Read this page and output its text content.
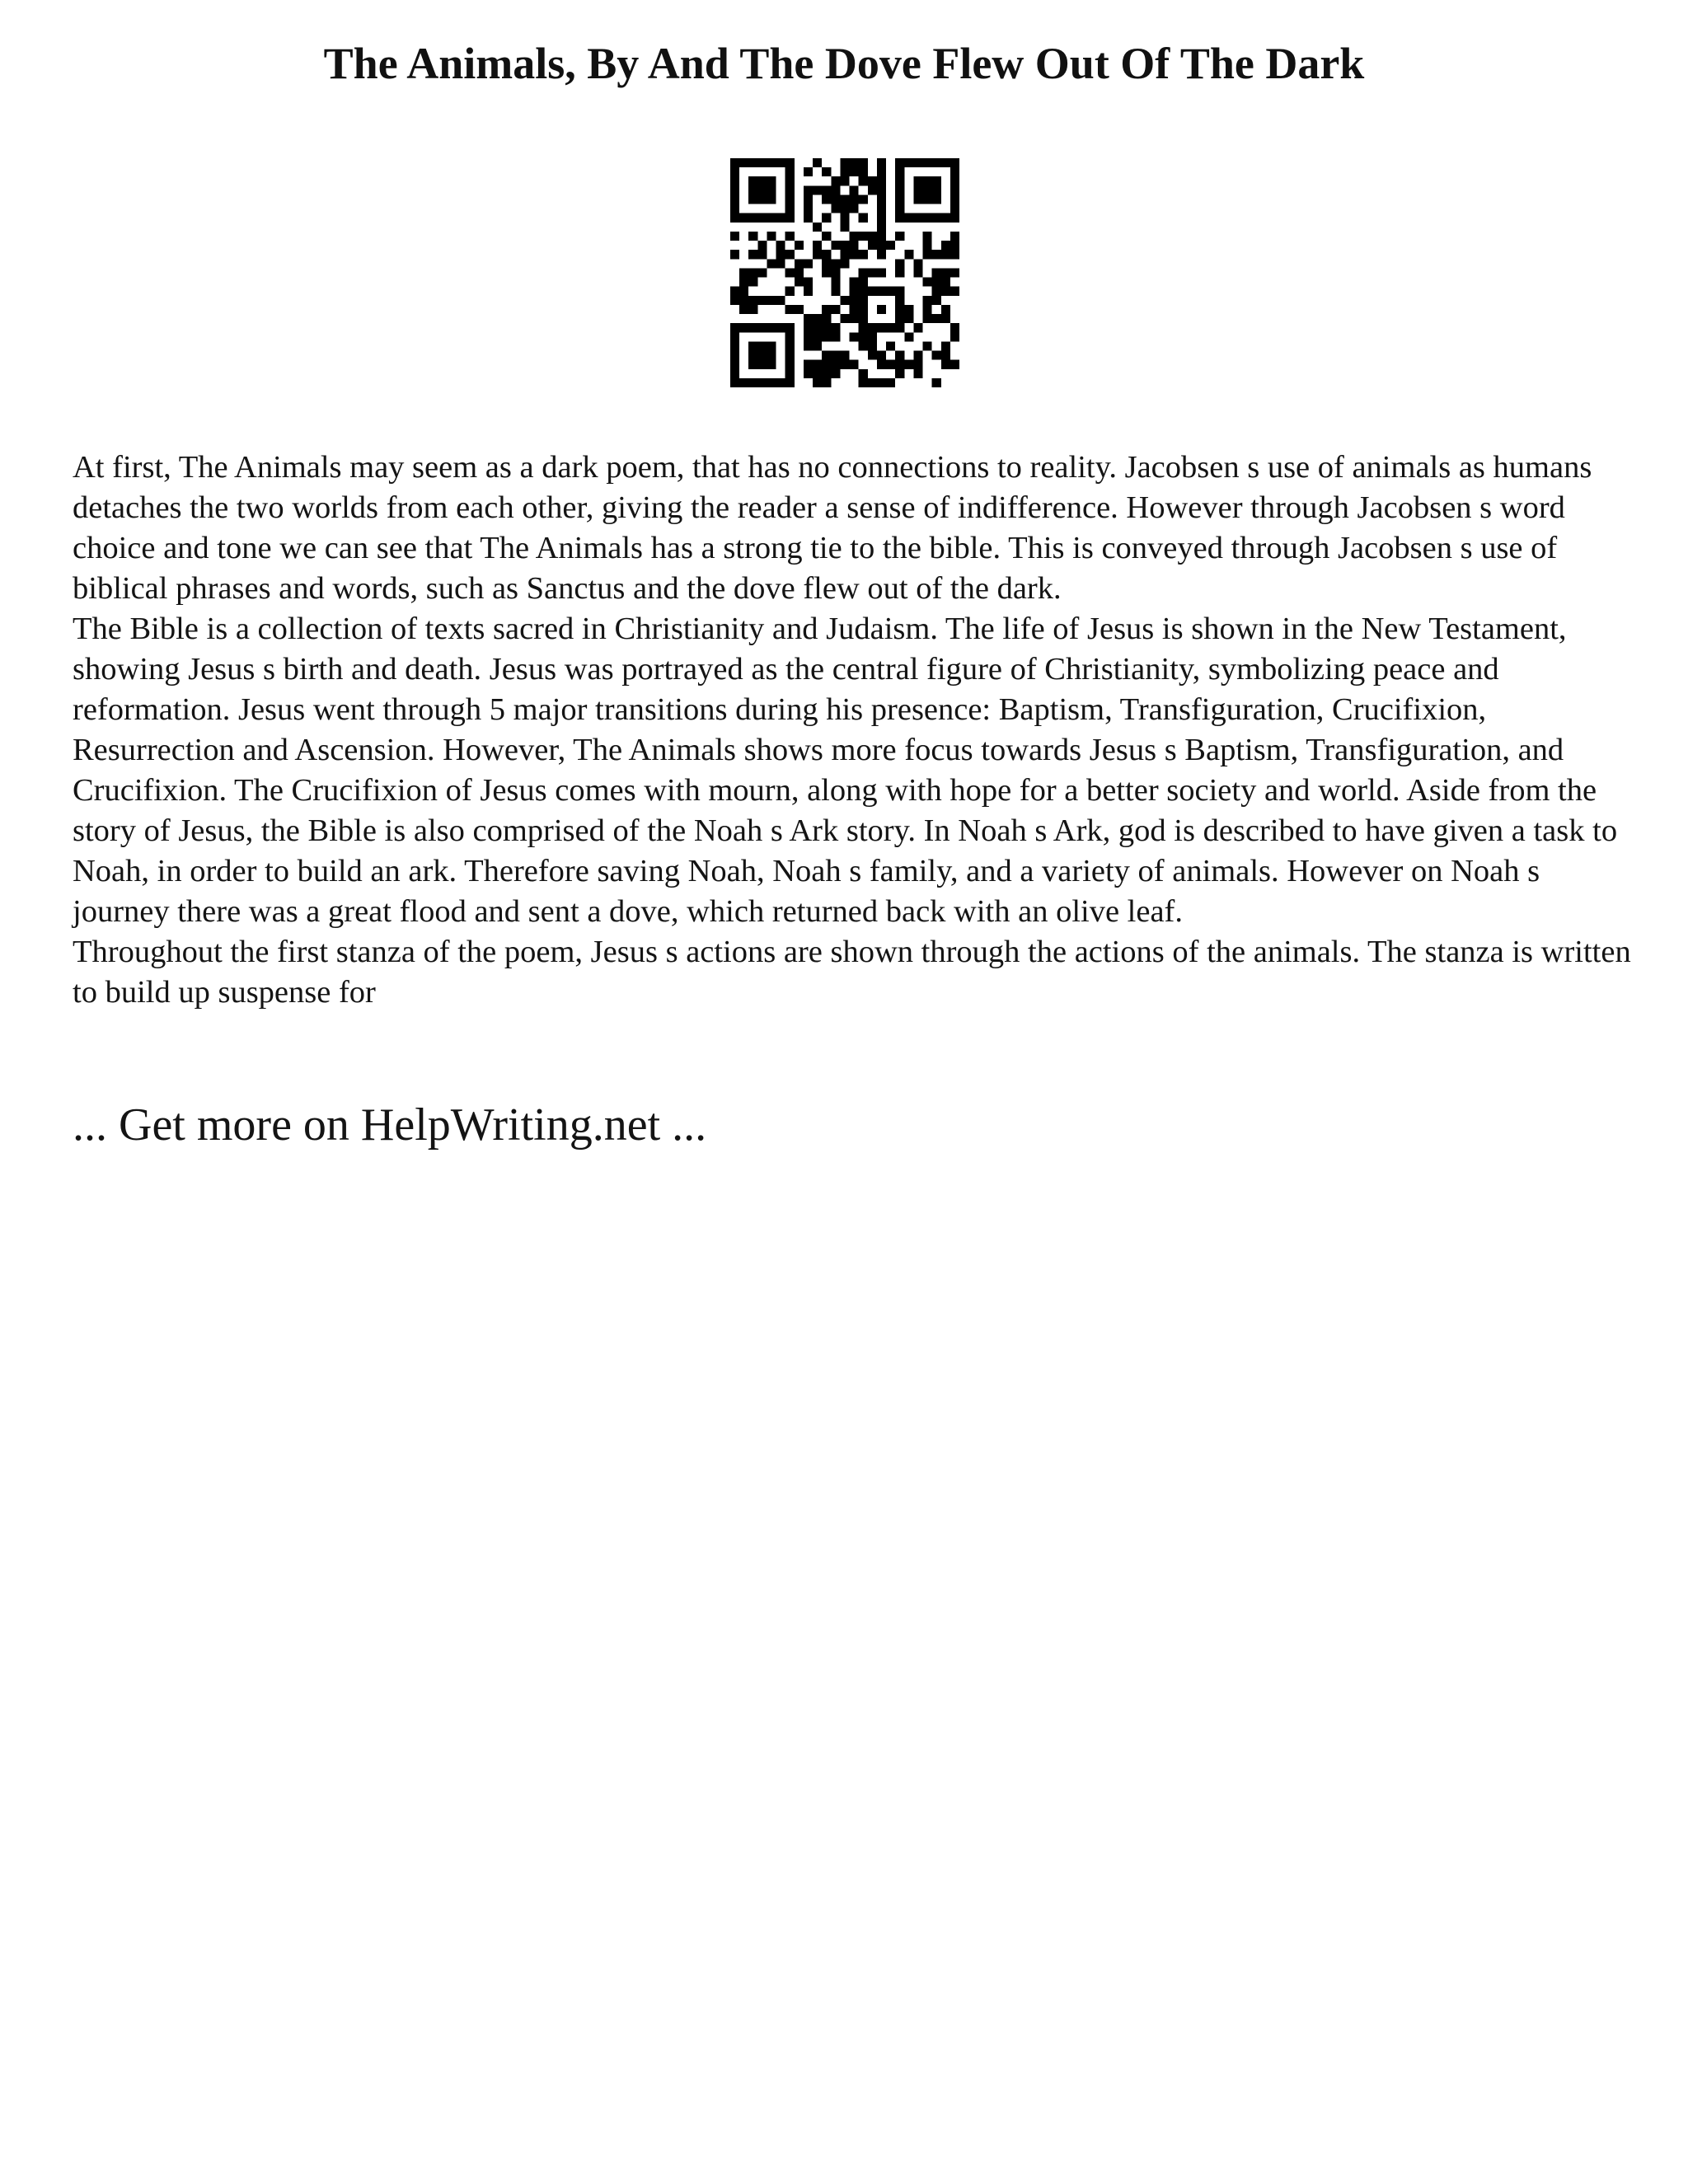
The Animals, By And The Dove Flew Out Of The Dark

At first, The Animals may seem as a dark poem, that has no connections to reality. Jacobsen s use of animals as humans detaches the two worlds from each other, giving the reader a sense of indifference. However through Jacobsen s word choice and tone we can see that The Animals has a strong tie to the bible. This is conveyed through Jacobsen s use of biblical phrases and words, such as Sanctus and the dove flew out of the dark.

The Bible is a collection of texts sacred in Christianity and Judaism. The life of Jesus is shown in the New Testament, showing Jesus s birth and death. Jesus was portrayed as the central figure of Christianity, symbolizing peace and reformation. Jesus went through 5 major transitions during his presence: Baptism, Transfiguration, Crucifixion, Resurrection and Ascension. However, The Animals shows more focus towards Jesus s Baptism, Transfiguration, and Crucifixion. The Crucifixion of Jesus comes with mourn, along with hope for a better society and world. Aside from the story of Jesus, the Bible is also comprised of the Noah s Ark story. In Noah s Ark, god is described to have given a task to Noah, in order to build an ark. Therefore saving Noah, Noah s family, and a variety of animals. However on Noah s journey there was a great flood and sent a dove, which returned back with an olive leaf.

Throughout the first stanza of the poem, Jesus s actions are shown through the actions of the animals. The stanza is written to build up suspense for

... Get more on HelpWriting.net ...
